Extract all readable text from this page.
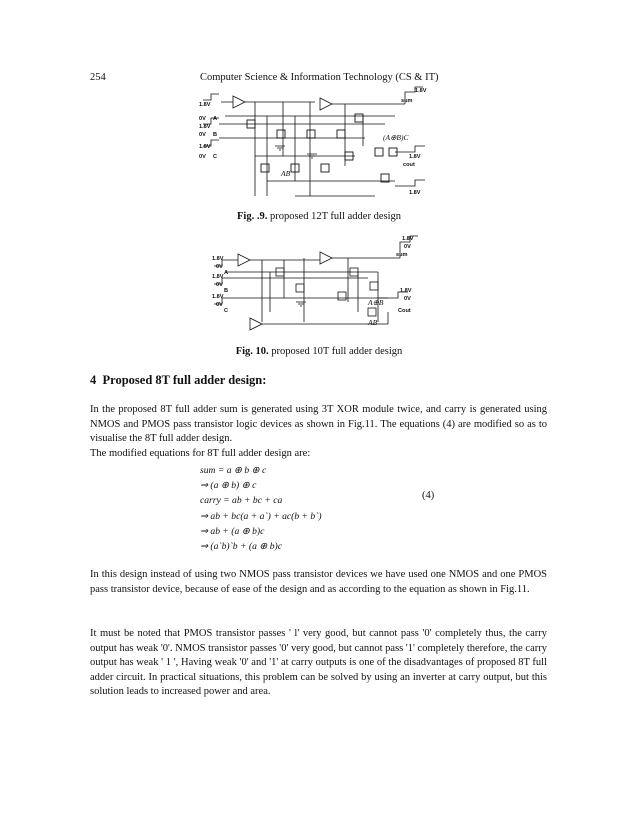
254	Computer Science & Information Technology (CS & IT)
1.8V
0V A
1.8V
0V B
1.8V
0V C
1.8V
sum
(A⊕B)C
AB
1.8V
cout
1.8V
Fig. .9. proposed 12T full adder design
1.8V
0V
sum
1.8V
0V
A
1.8V
0V
B
1.8V
0V
C
A⊕B
AB
1.8V
0V
Cout
Fig. 10. proposed 10T full adder design
4 Proposed 8T full adder design:

In the proposed 8T full adder sum is generated using 3T XOR module twice, and carry is generated using NMOS and PMOS pass transistor logic devices as shown in Fig.11. The equations (4) are modified so as to visualise the 8T full adder design.

The modified equations for 8T full adder design are:

sum = a ⊕ b ⊕ c
⇒ (a ⊕ b) ⊕ c
carry = ab + bc + ca
⇒ ab + bc(a + a`) + ac(b + b`)
⇒ ab + (a ⊕ b)c
⇒ (a`b)`b + (a ⊕ b)c
(4)

In this design instead of using two NMOS pass transistor devices we have used one NMOS and one PMOS pass transistor device, because of ease of the design and as according to the equation as shown in Fig.11.

It must be noted that PMOS transistor passes ' l' very good, but cannot pass '0' completely thus, the carry output has weak '0'. NMOS transistor passes '0' very good, but cannot pass '1' completely therefore, the carry output has weak ' 1 ', Having weak '0' and '1' at carry outputs is one of the disadvantages of proposed 8T full adder circuit. In practical situations, this problem can be solved by using an inverter at carry output, but this solution leads to increased power and area.
